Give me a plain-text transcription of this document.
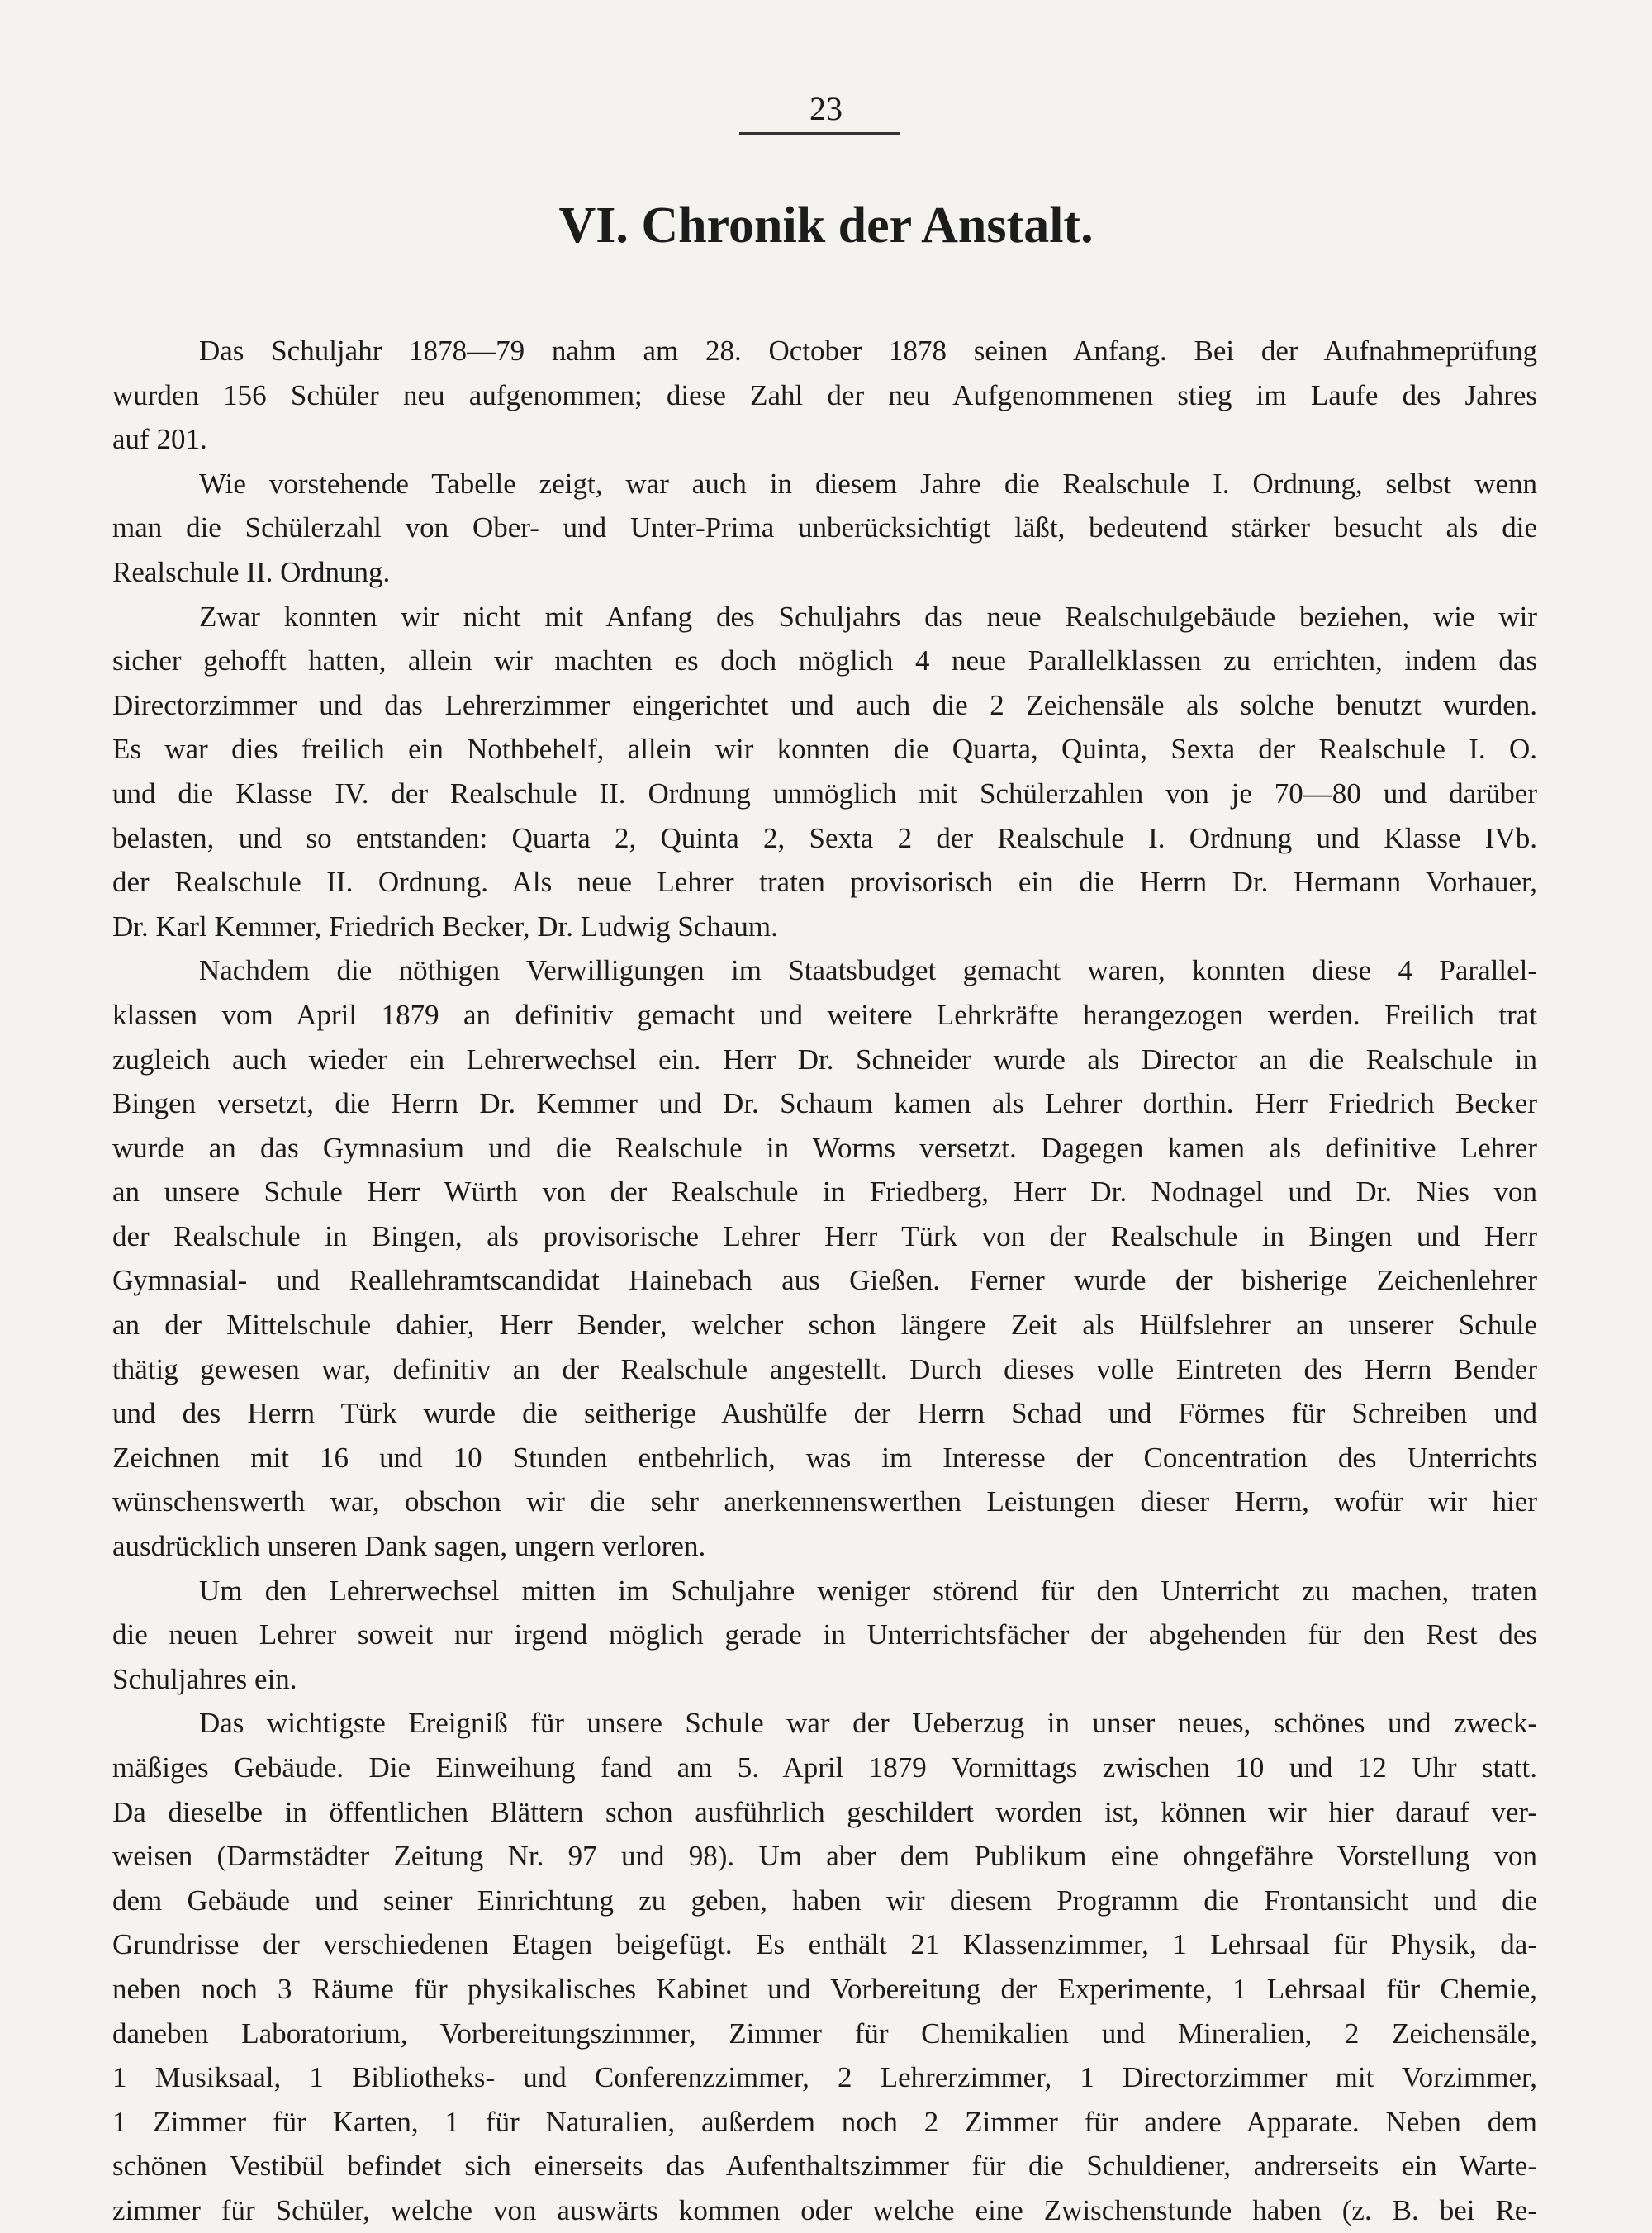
23
VI. Chronik der Anstalt.
Das Schuljahr 1878—79 nahm am 28. October 1878 seinen Anfang. Bei der Aufnahmeprüfung
wurden 156 Schüler neu aufgenommen; diese Zahl der neu Aufgenommenen stieg im Laufe des Jahres
auf 201.
Wie vorstehende Tabelle zeigt, war auch in diesem Jahre die Realschule I. Ordnung, selbst wenn
man die Schülerzahl von Ober- und Unter-Prima unberücksichtigt läßt, bedeutend stärker besucht als die
Realschule II. Ordnung.
Zwar konnten wir nicht mit Anfang des Schuljahrs das neue Realschulgebäude beziehen, wie wir
sicher gehofft hatten, allein wir machten es doch möglich 4 neue Parallelklassen zu errichten, indem das
Directorzimmer und das Lehrerzimmer eingerichtet und auch die 2 Zeichensäle als solche benutzt wurden.
Es war dies freilich ein Nothbehelf, allein wir konnten die Quarta, Quinta, Sexta der Realschule I. O.
und die Klasse IV. der Realschule II. Ordnung unmöglich mit Schülerzahlen von je 70—80 und darüber
belasten, und so entstanden: Quarta 2, Quinta 2, Sexta 2 der Realschule I. Ordnung und Klasse IVb.
der Realschule II. Ordnung. Als neue Lehrer traten provisorisch ein die Herrn Dr. Hermann Vorhauer,
Dr. Karl Kemmer, Friedrich Becker, Dr. Ludwig Schaum.
Nachdem die nöthigen Verwilligungen im Staatsbudget gemacht waren, konnten diese 4 Parallel-
klassen vom April 1879 an definitiv gemacht und weitere Lehrkräfte herangezogen werden. Freilich trat
zugleich auch wieder ein Lehrerwechsel ein. Herr Dr. Schneider wurde als Director an die Realschule in
Bingen versetzt, die Herrn Dr. Kemmer und Dr. Schaum kamen als Lehrer dorthin. Herr Friedrich Becker
wurde an das Gymnasium und die Realschule in Worms versetzt. Dagegen kamen als definitive Lehrer
an unsere Schule Herr Würth von der Realschule in Friedberg, Herr Dr. Nodnagel und Dr. Nies von
der Realschule in Bingen, als provisorische Lehrer Herr Türk von der Realschule in Bingen und Herr
Gymnasial- und Reallehramtscandidat Hainebach aus Gießen. Ferner wurde der bisherige Zeichenlehrer
an der Mittelschule dahier, Herr Bender, welcher schon längere Zeit als Hülfslehrer an unserer Schule
thätig gewesen war, definitiv an der Realschule angestellt. Durch dieses volle Eintreten des Herrn Bender
und des Herrn Türk wurde die seitherige Aushülfe der Herrn Schad und Förmes für Schreiben und
Zeichnen mit 16 und 10 Stunden entbehrlich, was im Interesse der Concentration des Unterrichts
wünschenswerth war, obschon wir die sehr anerkennenswerthen Leistungen dieser Herrn, wofür wir hier
ausdrücklich unseren Dank sagen, ungern verloren.
Um den Lehrerwechsel mitten im Schuljahre weniger störend für den Unterricht zu machen, traten
die neuen Lehrer soweit nur irgend möglich gerade in Unterrichtsfächer der abgehenden für den Rest des
Schuljahres ein.
Das wichtigste Ereigniß für unsere Schule war der Ueberzug in unser neues, schönes und zweck-
mäßiges Gebäude. Die Einweihung fand am 5. April 1879 Vormittags zwischen 10 und 12 Uhr statt.
Da dieselbe in öffentlichen Blättern schon ausführlich geschildert worden ist, können wir hier darauf ver-
weisen (Darmstädter Zeitung Nr. 97 und 98). Um aber dem Publikum eine ohngefähre Vorstellung von
dem Gebäude und seiner Einrichtung zu geben, haben wir diesem Programm die Frontansicht und die
Grundrisse der verschiedenen Etagen beigefügt. Es enthält 21 Klassenzimmer, 1 Lehrsaal für Physik, da-
neben noch 3 Räume für physikalisches Kabinet und Vorbereitung der Experimente, 1 Lehrsaal für Chemie,
daneben Laboratorium, Vorbereitungszimmer, Zimmer für Chemikalien und Mineralien, 2 Zeichensäle,
1 Musiksaal, 1 Bibliotheks- und Conferenzzimmer, 2 Lehrerzimmer, 1 Directorzimmer mit Vorzimmer,
1 Zimmer für Karten, 1 für Naturalien, außerdem noch 2 Zimmer für andere Apparate. Neben dem
schönen Vestibül befindet sich einerseits das Aufenthaltszimmer für die Schuldiener, andrerseits ein Warte-
zimmer für Schüler, welche von auswärts kommen oder welche eine Zwischenstunde haben (z. B. bei Re-
